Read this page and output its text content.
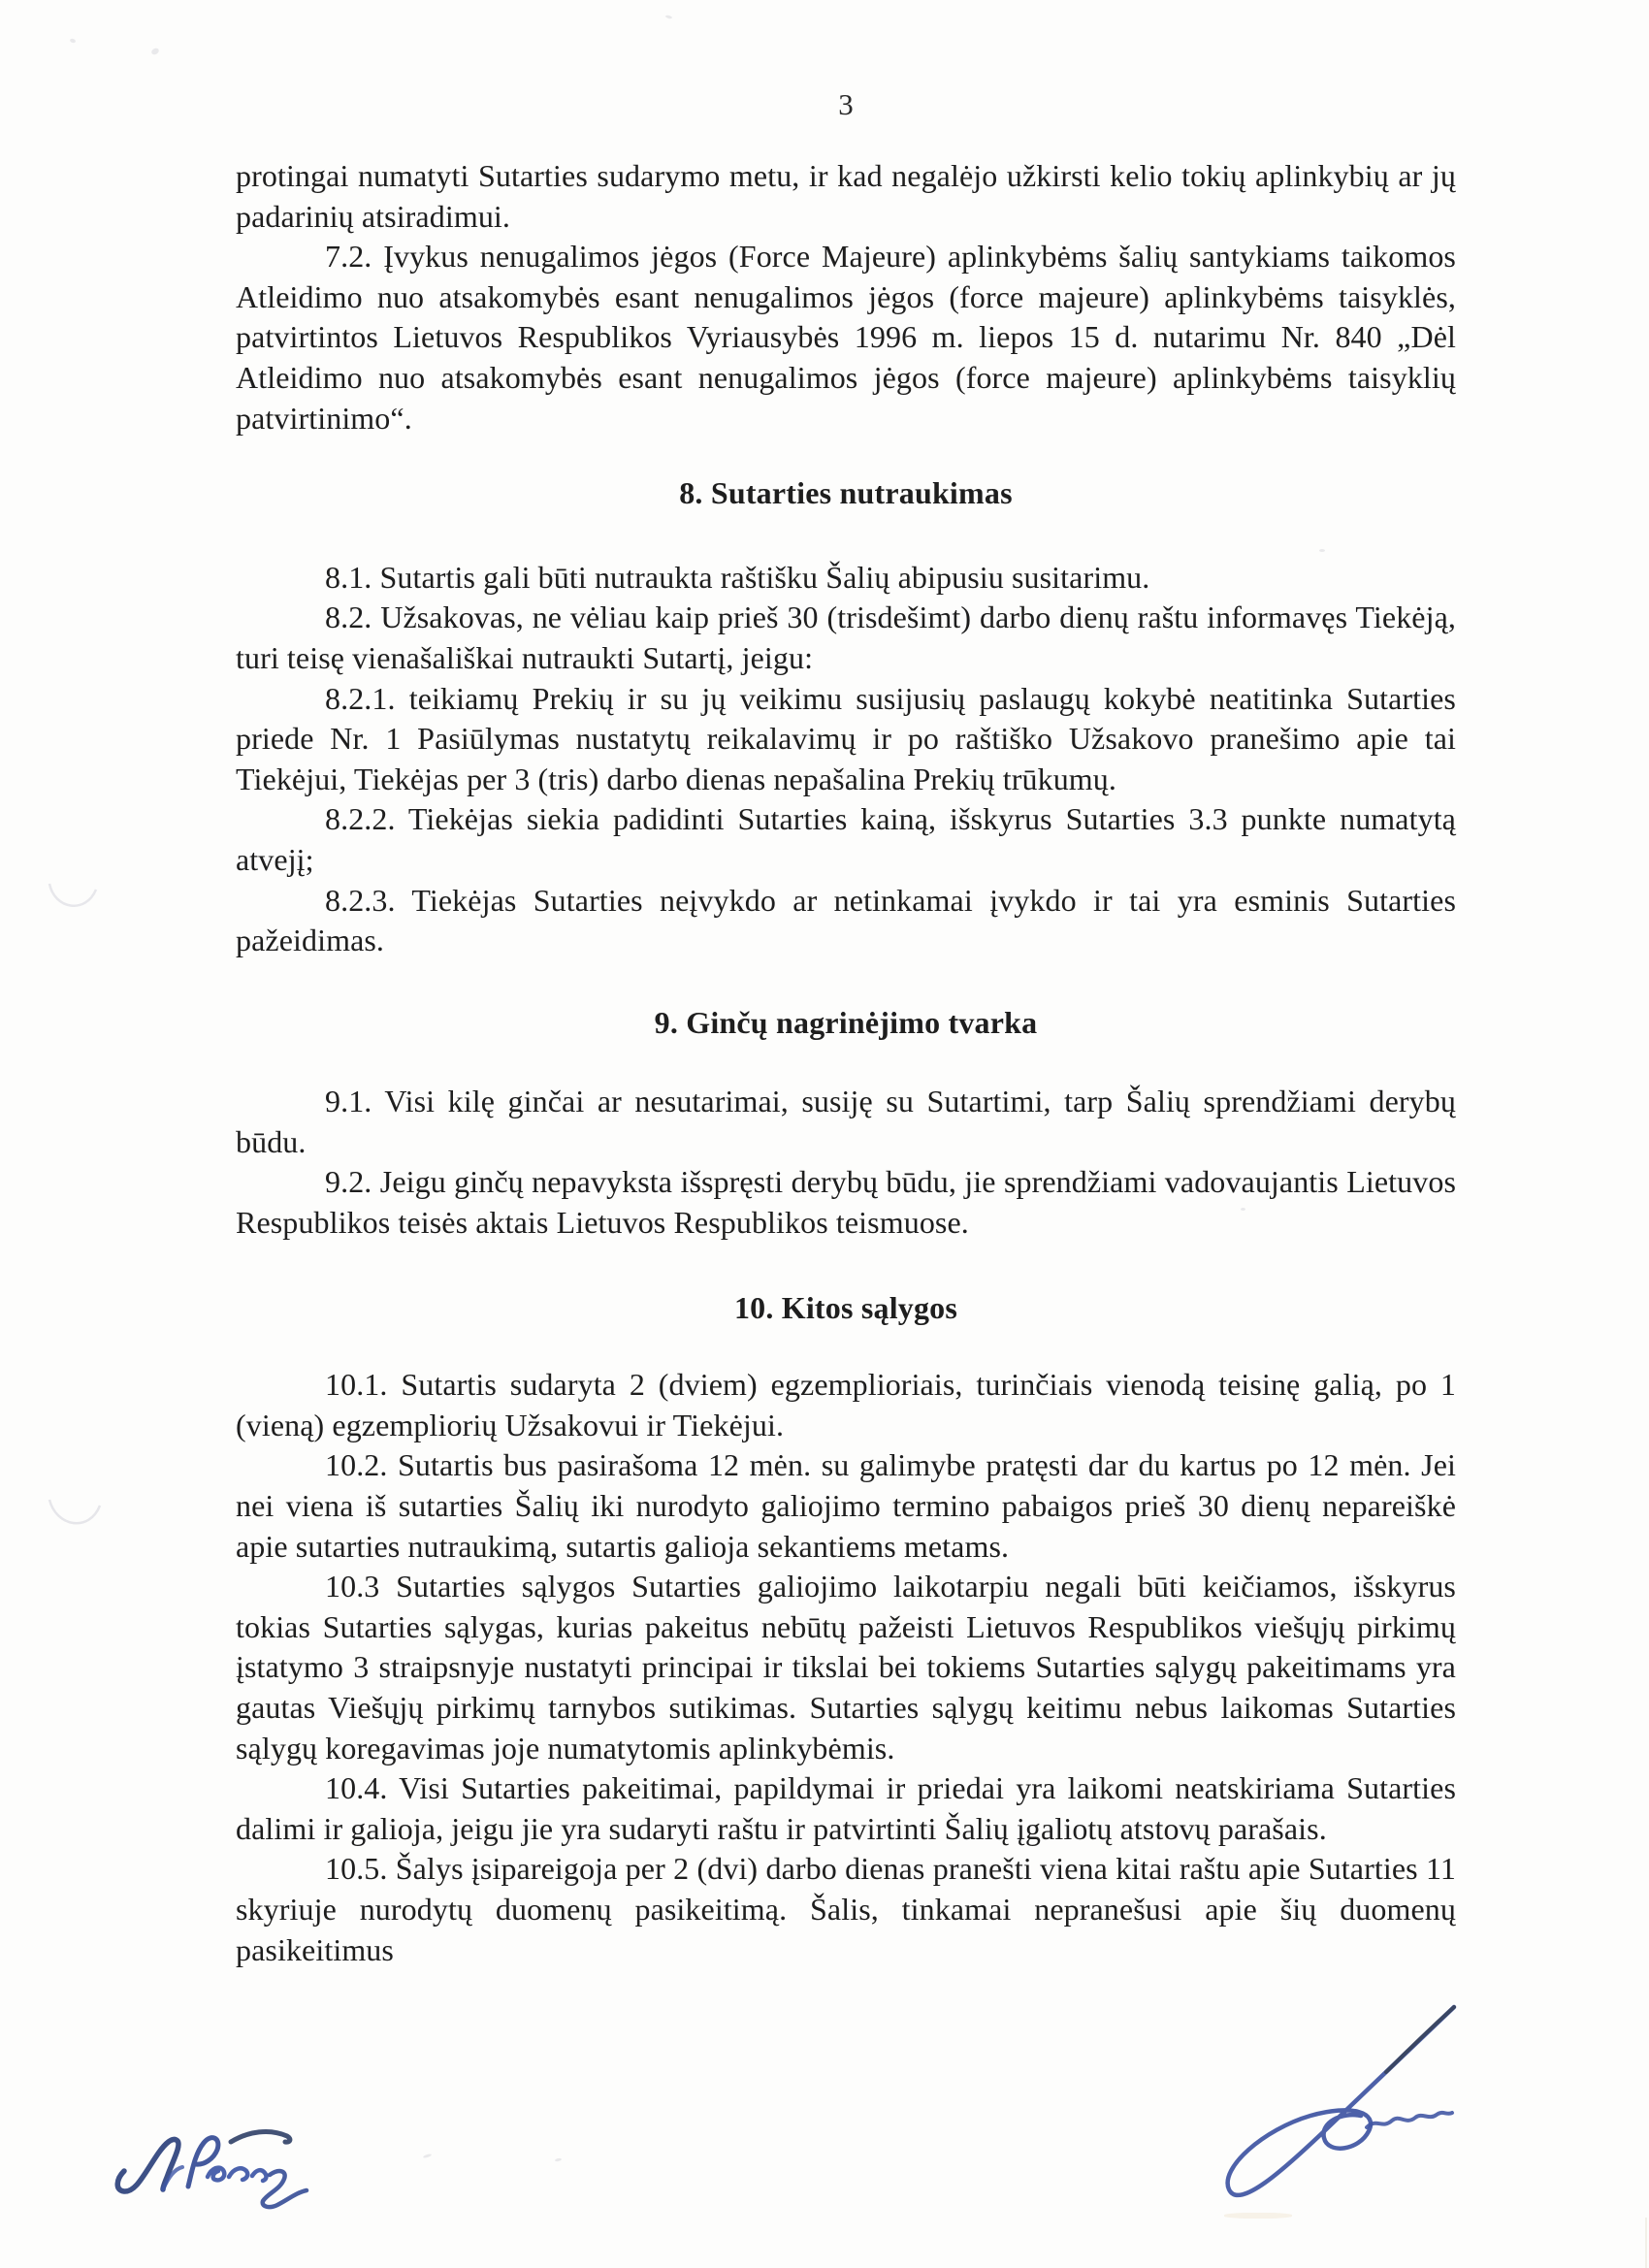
3

protingai numatyti Sutarties sudarymo metu, ir kad negalėjo užkirsti kelio tokių aplinkybių ar jų padarinių atsiradimui.

7.2. Įvykus nenugalimos jėgos (Force Majeure) aplinkybėms šalių santykiams taikomos Atleidimo nuo atsakomybės esant nenugalimos jėgos (force majeure) aplinkybėms taisyklės, patvirtintos Lietuvos Respublikos Vyriausybės 1996 m. liepos 15 d. nutarimu Nr. 840 „Dėl Atleidimo nuo atsakomybės esant nenugalimos jėgos (force majeure) aplinkybėms taisyklių patvirtinimo“.

8. Sutarties nutraukimas

8.1. Sutartis gali būti nutraukta raštišku Šalių abipusiu susitarimu.

8.2. Užsakovas, ne vėliau kaip prieš 30 (trisdešimt) darbo dienų raštu informavęs Tiekėją, turi teisę vienašališkai nutraukti Sutartį, jeigu:

8.2.1. teikiamų Prekių ir su jų veikimu susijusių paslaugų kokybė neatitinka Sutarties priede Nr. 1 Pasiūlymas nustatytų reikalavimų ir po raštiško Užsakovo pranešimo apie tai Tiekėjui, Tiekėjas per 3 (tris) darbo dienas nepašalina Prekių trūkumų.

8.2.2. Tiekėjas siekia padidinti Sutarties kainą, išskyrus Sutarties 3.3 punkte numatytą atvejį;

8.2.3. Tiekėjas Sutarties neįvykdo ar netinkamai įvykdo ir tai yra esminis Sutarties pažeidimas.

9. Ginčų nagrinėjimo tvarka

9.1. Visi kilę ginčai ar nesutarimai, susiję su Sutartimi, tarp Šalių sprendžiami derybų būdu.

9.2. Jeigu ginčų nepavyksta išspręsti derybų būdu, jie sprendžiami vadovaujantis Lietuvos Respublikos teisės aktais Lietuvos Respublikos teismuose.

10. Kitos sąlygos

10.1. Sutartis sudaryta 2 (dviem) egzemplioriais, turinčiais vienodą teisinę galią, po 1 (vieną) egzempliorių Užsakovui ir Tiekėjui.

10.2. Sutartis bus pasirašoma 12 mėn. su galimybe pratęsti dar du kartus po 12 mėn. Jei nei viena iš sutarties Šalių iki nurodyto galiojimo termino pabaigos prieš 30 dienų nepareiškė apie sutarties nutraukimą, sutartis galioja sekantiems metams.

10.3 Sutarties sąlygos Sutarties galiojimo laikotarpiu negali būti keičiamos, išskyrus tokias Sutarties sąlygas, kurias pakeitus nebūtų pažeisti Lietuvos Respublikos viešųjų pirkimų įstatymo 3 straipsnyje nustatyti principai ir tikslai bei tokiems Sutarties sąlygų pakeitimams yra gautas Viešųjų pirkimų tarnybos sutikimas. Sutarties sąlygų keitimu nebus laikomas Sutarties sąlygų koregavimas joje numatytomis aplinkybėmis.

10.4. Visi Sutarties pakeitimai, papildymai ir priedai yra laikomi neatskiriama Sutarties dalimi ir galioja, jeigu jie yra sudaryti raštu ir patvirtinti Šalių įgaliotų atstovų parašais.

10.5. Šalys įsipareigoja per 2 (dvi) darbo dienas pranešti viena kitai raštu apie Sutarties 11 skyriuje nurodytų duomenų pasikeitimą. Šalis, tinkamai nepranešusi apie šių duomenų pasikeitimus
